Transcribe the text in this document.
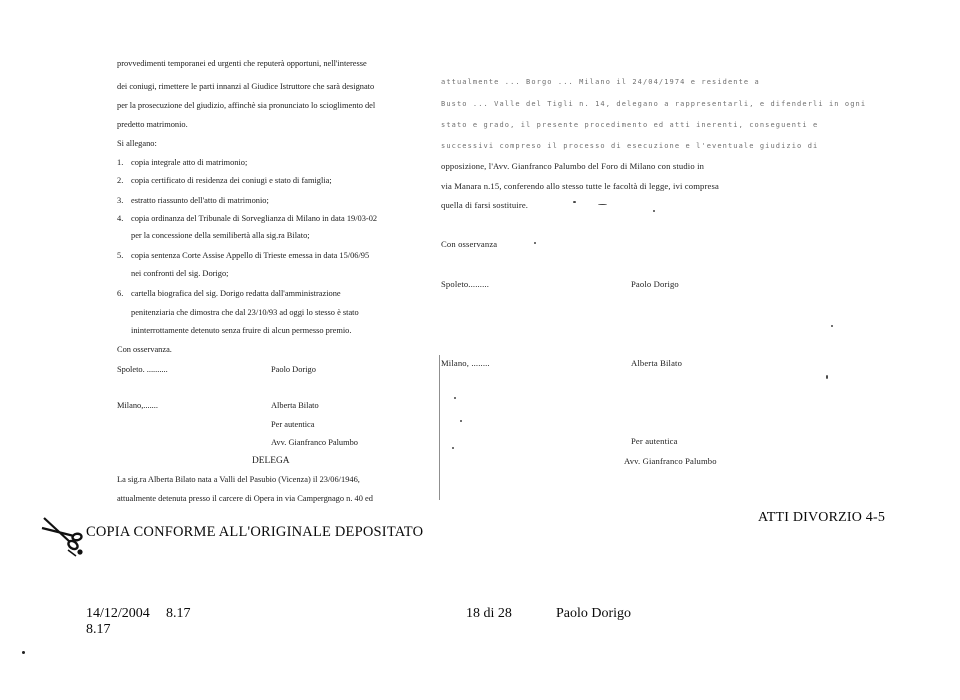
provvedimenti temporanei ed urgenti che reputerà opportuni, nell'interesse
dei coniugi, rimettere le parti innanzi al Giudice Istruttore che sarà designato
per la prosecuzione del giudizio, affinchè sia pronunciato lo scioglimento del
predetto matrimonio.
Si allegano:
1. copia integrale atto di matrimonio;
2. copia certificato di residenza dei coniugi e stato di famiglia;
3. estratto riassunto dell'atto di matrimonio;
4. copia ordinanza del Tribunale di Sorveglianza di Milano in data 19/03-02
per la concessione della semilibertà alla sig.ra Bilato;
5. copia sentenza Corte Assise Appello di Trieste emessa in data 15/06/95
nei confronti del sig. Dorigo;
6. cartella biografica del sig. Dorigo redatta dall'amministrazione
penitenziaria che dimostra che dal 23/10/93 ad oggi lo stesso è stato
ininterrottamente detenuto senza fruire di alcun permesso premio.
Con osservanza.
Spoleto. ..........	Paolo Dorigo
Milano,.......	Alberta Bilato
Per autentica
Avv. Gianfranco Palumbo
DELEGA
La sig.ra Alberta Bilato nata a Valli del Pasubio (Vicenza) il 23/06/1946,
attualmente detenuta presso il carcere di Opera in via Campergnago n. 40 ed
attualmente ... Borgo ... Milano il 24/04/1974 e residente a
Busto ... Valle del Tigli n. 14, delegano a rappresentarli, e difenderli in ogni
stato e grado, il presente procedimento ed atti inerenti, conseguenti e
successivi compreso il processo di esecuzione e l'eventuale giudizio di
opposizione, l'Avv. Gianfranco Palumbo del Foro di Milano con studio in
via Manara n.15, conferendo allo stesso tutte le facoltà di legge, ivi compresa
quella di farsi sostituire.
Con osservanza
Spoleto.........	Paolo Dorigo
Milano, ........	Alberta Bilato
Per autentica
Avv. Gianfranco Palumbo
COPIA CONFORME ALL'ORIGINALE DEPOSITATO
ATTI DIVORZIO 4-5
14/12/2004 8.17
8.17
18 di 28	Paolo Dorigo
